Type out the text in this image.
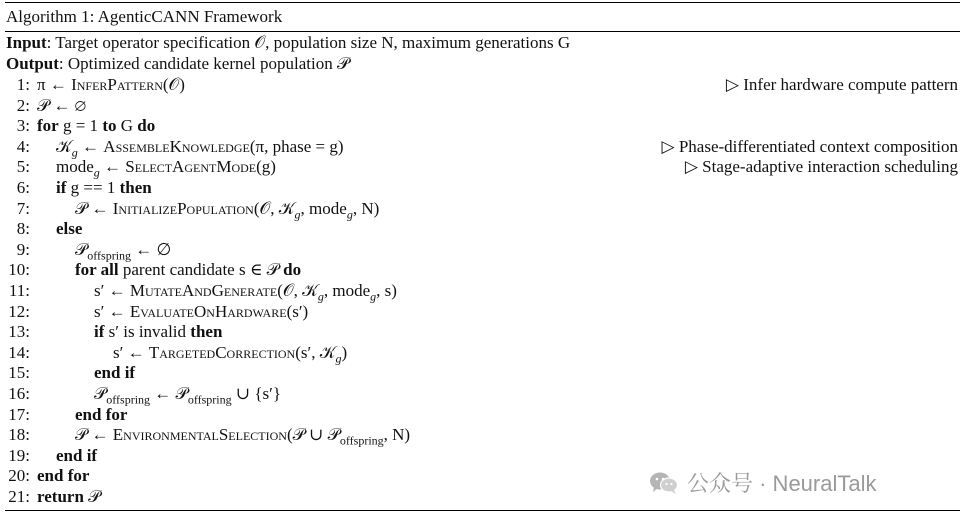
Algorithm 1: AgenticCANN Framework
Input: Target operator specification 𝒪, population size N, maximum generations G
Output: Optimized candidate kernel population 𝒫
1: π ← InferPattern(𝒪)	▷ Infer hardware compute pattern
2: 𝒫 ← ∅
3: for g = 1 to G do
4: 𝒦$_g$ ← AssembleKnowledge(π, phase = g)	▷ Phase-differentiated context composition
5: mode$_g$ ← SelectAgentMode(g)	▷ Stage-adaptive interaction scheduling
6: if g == 1 then
7:	𝒫 ← InitializePopulation(𝒪, 𝒦$_g$, mode$_g$, N)
8: else
9:	𝒫$_{offspring}$ ← ∅
10:	for all parent candidate s ∈ 𝒫 do
11:	s′ ← MutateAndGenerate(𝒪, 𝒦$_g$, mode$_g$, s)
12:	s′ ← EvaluateOnHardware(s′)
13:	if s′ is invalid then
14:	s′ ← TargetedCorrection(s′, 𝒦$_g$)
15:	end if
16:	𝒫$_{offspring}$ ← 𝒫$_{offspring}$ ∪ {s′}
17:	end for
18:	𝒫 ← EnvironmentalSelection(𝒫 ∪ 𝒫$_{offspring}$, N)
19: end if
20: end for
21: return 𝒫
公众号 · NeuralTalk
